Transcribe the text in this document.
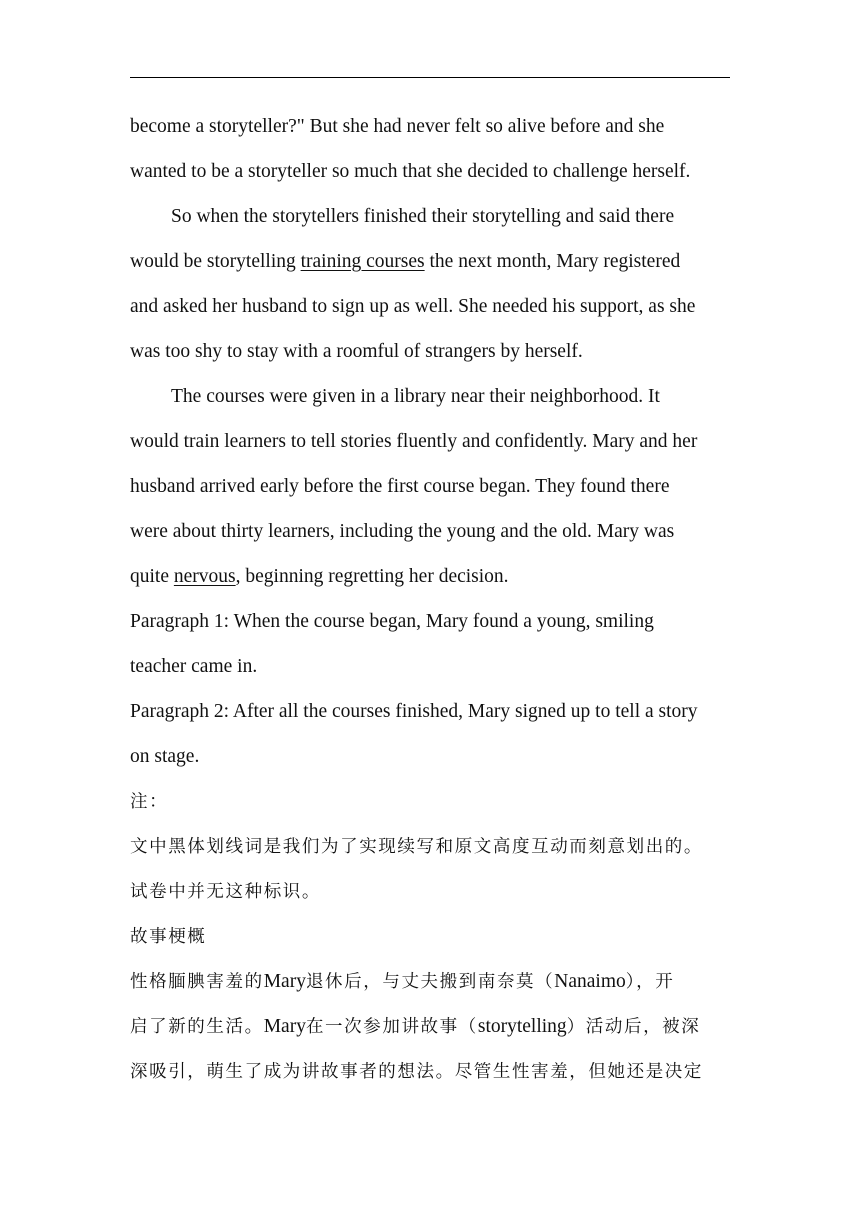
become a storyteller?" But she had never felt so alive before and she
wanted to be a storyteller so much that she decided to challenge herself.
So when the storytellers finished their storytelling and said there
would be storytelling training courses the next month, Mary registered
and asked her husband to sign up as well. She needed his support, as she
was too shy to stay with a roomful of strangers by herself.
The courses were given in a library near their neighborhood. It
would train learners to tell stories fluently and confidently. Mary and her
husband arrived early before the first course began. They found there
were about thirty learners, including the young and the old. Mary was
quite nervous, beginning regretting her decision.
Paragraph 1: When the course began, Mary found a young, smiling
teacher came in.
Paragraph 2: After all the courses finished, Mary signed up to tell a story
on stage.
注：
文中黑体划线词是我们为了实现续写和原文高度互动而刻意划出的。
试卷中并无这种标识。
故事梗概
性格腼腆害羞的Mary退休后，与丈夫搬到南奈莫（Nanaimo），开
启了新的生活。Mary在一次参加讲故事（storytelling）活动后，被深
深吸引，萌生了成为讲故事者的想法。尽管生性害羞，但她还是决定
